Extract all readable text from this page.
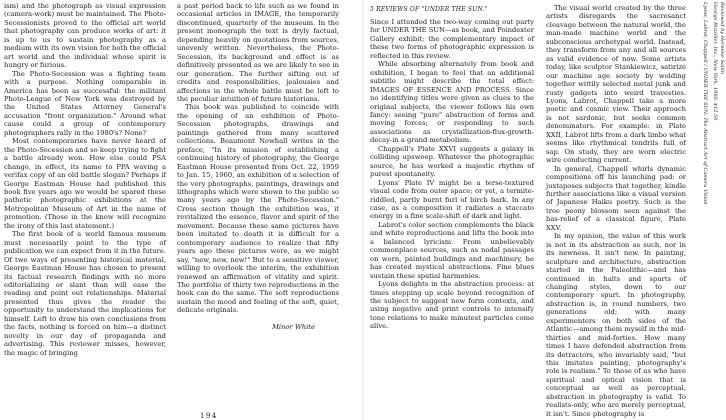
ism) and the photograph as visual expression (camera-work) must be maintained. The Photo-Secessionists proved to the official art world that photography can produce works of art: it is up to us to sustain photography as a medium with its own vision for both the official art world and the individual whose spirit is hungry or furious.

The Photo-Secession was a fighting team with a purpose. Nothing comparable in America has been as successful: the militant Photo-League of New York was destroyed by the United States Attorney General's accusation "front organization." Around what cause could a group of contemporary photographers rally in the 1980's? None?

Most contemporaries have never heard of the Photo-Secession and so keep trying to fight a battle already won. How else could PSA change, in effect, its name to PPA waving a verifax copy of an old battle slogan? Perhaps if George Eastman House had published this book five years ago we would be spared these pathetic photographic exhibitions at the Metropolitan Museum of Art in the name of promotion. (Those in the know will recognize the irony of this last statement.)

The first book of a world famous museum must necessarily point to the type of publication we can expect from it in the future. Of two ways of presenting historical material, George Eastman House has chosen to present its factual research findings with no more editorializing or slant than will ease the reading and point out relationships. Material presented thus gives the reader the opportunity to understand the implications for himself. Left to draw his own conclusions from the facts, nothing is forced on him—a distinct novelty in our day of propaganda and advertising. This reviewer misses, however, the magic of bringing

a past period back to life such as we found in occasional articles in IMAGE, the temporarily discontinued, quarterly of the museum. In the present monograph the text is dryly factual, depending heavily on quotations from sources, unevenly written. Nevertheless, the Photo-Secession, its background and effect is as definitively presented as we are likely to see in our generation. The further sifting out of credits and responsibilities, jealousies and affections in the whole battle must be left to the peculiar intuition of future historians.

This book was published to coincide with the opening of an exhibition of Photo-Secession photographs, drawings and paintings gathered from many scattered collections. Beaumont Newhall writes in the preface, "In its mission of establishing a continuing history of photography, the George Eastman House presented from Oct. 22, 1959 to Jan. 15, 1960, an exhibition of a selection of the very photographs, paintings, drawings and lithographs which were shown to the public so many years ago by the Photo-Secession." Cross section though the exhibition was, it revitalized the essence, flavor and spirit of the movement. Because these same pictures have been imitated to death it is difficult for a contemporary audience to realize that fifty years ago these pictures were, as we might say, "new, new, new!" But to a sensitive viewer, willing to overlook the interim, the exhibition renewed an affirmation of vitality and spirit. The portfolio of thirty two reproductions in the book can do the same. The soft reproductions sustain the mood and feeling of the soft, quiet, delicate originals.

Minor White
194
5 REVIEWS OF "UNDER THE SUN."

Since I attended the two-way coming out party for UNDER THE SUN—as book, and Poindexter Gallery exhibit; the complementary impact of these two forms of photographic expression is reflected in this review.

While absorbing alternately from book and exhibition, I began to feel that an additional subtitle might describe the total effect: IMAGES OF ESSENCE AND PROCESS. Since no identifying titles were given as clues to the original subjects, the viewer follows his own fancy: seeing "pure" abstraction of forms and moving forces; or responding to such associations as crystallization-flux-growth-decay-in a grand metabolism.

Chappell's Plate XXVI suggests a galaxy in colliding upsweep. Whatever the photographic source, he has worked a majestic rhythm of purest spontaneity.

Lyons' Plate IV might be a terse-textured visual code from outer space; or yet, a termite-riddled, partly burnt furl of birch bark. In any case, as a composition it radiates a staccato energy in a fine scale-shift of dark and light.

Labrot's color section complements the black and white reproductions and lifts the book into a balanced lyricism. From unbelievably commonplace sources, such as nodal passages on worn, painted buildings and machinery, he has created mystical abstractions. Fine blues sustain these spatial harmonies.

Lyons delights in the abstraction process: at times stepping up scale beyond recognition of the subject to suggest new form contexts, and using negative and print controls to intensify tone relations to make minutest particles come alive.

The visual world created by the three artists disregards the sacrosanct cleavage between the natural world, the man-made machine world and the subconscious archetypal world. Instead, they transform from any and all sources as valid evidence of now. Some artists today, like sculptor Stankiewicz, satirize our machine age society by welding together wittily selected metal junk and rusty gadgets into weird travesties. Lyons, Labrot, Chappell take a more poetic and cosmic view. Their approach is not sardonic, but seeks common denominators. For example: in Plate XXII, Labrot lifts from a dark limbo what seems like rhythmical tendrils full of sap. On study, they are worn electric wire conducting current.

In general, Chappell whirls dynamic compositions off his launching pad: or juxtaposes subjects that together, kindle further associations like a visual version of Japanese Haiku poetry. Such is the tree peony blossom seen against the bas-relief of a classical figure, Plate XXV.

In my opinion, the value of this work is not in its abstraction as such, nor in its newness. It isn't new. In painting, sculpture and architecture, abstraction started in the Paleolithic—and has continued in halts and spurts of changing styles, down to our contemporary spurt. In photography, abstraction is, in round numbers, two generations old; with many experimenters on both sides of the Atlantic—among them myself in the mid-thirties and mid-forties. How many times I have defended abstraction from its detractors, who invariably said, "but this imitates painting, photography's role is realism." To those of us who have spiritual and optical vision that is conceptual as well as perceptual, abstraction in photography is valid. To realists-only, who are merely perceptual, it isn't. Since photography is

Lyons, Labrot, Chappell / UNDER THE SUN: The Abstract Art of Camera Vision George Braziller, Inc., New York, 1960. $12.50 Reviewed by Hermine Sellin
